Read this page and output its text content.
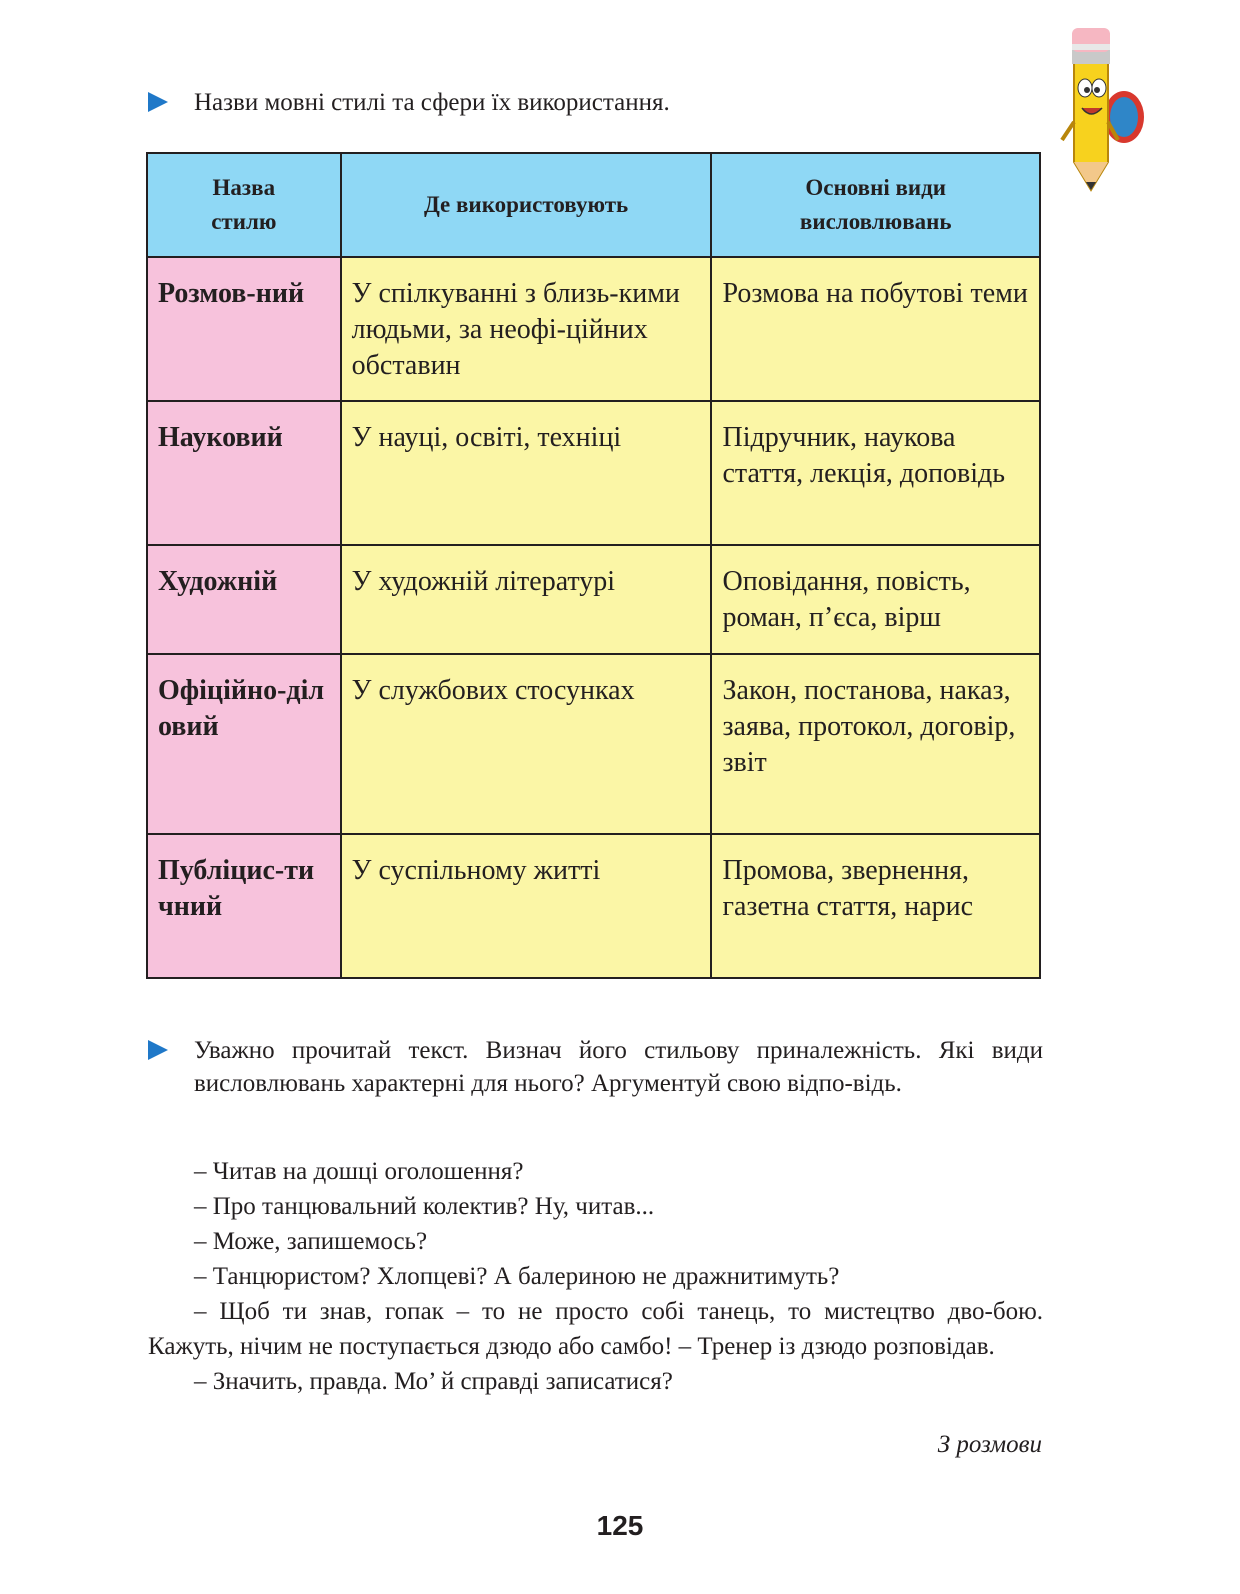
Назви мовні стилі та сфери їх використання.
Назва стилю	Де використовують	Основні види висловлювань
Розмов-ний	У спілкуванні з близь-кими людьми, за неофі-ційних обставин	Розмова на побутові теми
Науковий	У науці, освіті, техніці	Підручник, наукова стаття, лекція, доповідь
Художній	У художній літературі	Оповідання, повість, роман, п’єса, вірш
Офіційно-діловий	У службових стосунках	Закон, постанова, наказ, заява, протокол, договір, звіт
Публіцис-тичний	У суспільному житті	Промова, звернення, газетна стаття, нарис
Уважно прочитай текст. Визнач його стильову приналежність. Які види висловлювань характерні для нього? Аргументуй свою відпо-відь.

– Читав на дошці оголошення?

– Про танцювальний колектив? Ну, читав...

– Може, запишемось?

– Танцюристом? Хлопцеві? А балериною не дражнитимуть?

– Щоб ти знав, гопак – то не просто собі танець, то мистецтво дво-бою. Кажуть, нічим не поступається дзюдо або самбо! – Тренер із дзюдо розповідав.

– Значить, правда. Мо’ й справді записатися?

З розмови
125
